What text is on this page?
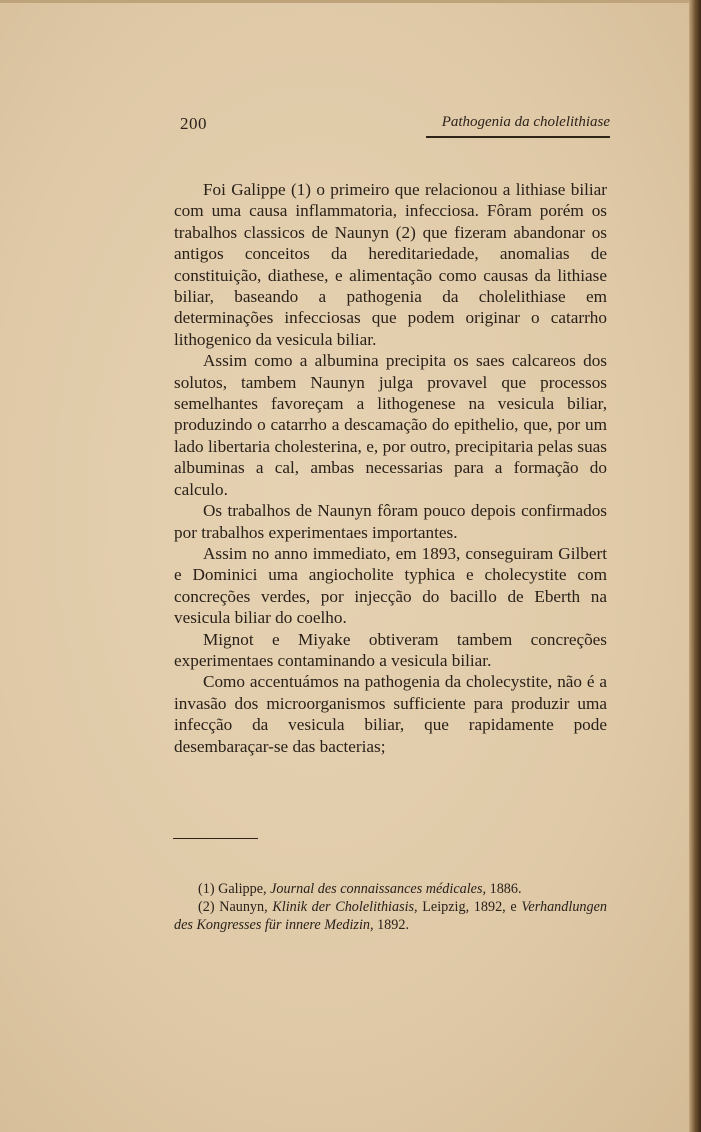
200	Pathogenia da cholelithiase

Foi Galippe (1) o primeiro que relacionou a lithiase biliar com uma causa inflammatoria, infecciosa. Fôram porém os trabalhos classicos de Naunyn (2) que fizeram abandonar os antigos conceitos da hereditariedade, anomalias de constituição, diathese, e alimentação como causas da lithiase biliar, baseando a pathogenia da cholelithiase em determinações infecciosas que podem originar o catarrho lithogenico da vesicula biliar.

Assim como a albumina precipita os saes calcareos dos solutos, tambem Naunyn julga provavel que processos semelhantes favoreçam a lithogenese na vesicula biliar, produzindo o catarrho a descamação do epithelio, que, por um lado libertaria cholesterina, e, por outro, precipitaria pelas suas albuminas a cal, ambas necessarias para a formação do calculo.

Os trabalhos de Naunyn fôram pouco depois confirmados por trabalhos experimentaes importantes.

Assim no anno immediato, em 1893, conseguiram Gilbert e Dominici uma angiocholite typhica e cholecystite com concreções verdes, por injecção do bacillo de Eberth na vesicula biliar do coelho.

Mignot e Miyake obtiveram tambem concreções experimentaes contaminando a vesicula biliar.

Como accentuámos na pathogenia da cholecystite, não é a invasão dos microorganismos sufficiente para produzir uma infecção da vesicula biliar, que rapidamente pode desembaraçar-se das bacterias;

(1) Galippe, Journal des connaissances médicales, 1886.

(2) Naunyn, Klinik der Cholelithiasis, Leipzig, 1892, e Verhandlungen des Kongresses für innere Medizin, 1892.
